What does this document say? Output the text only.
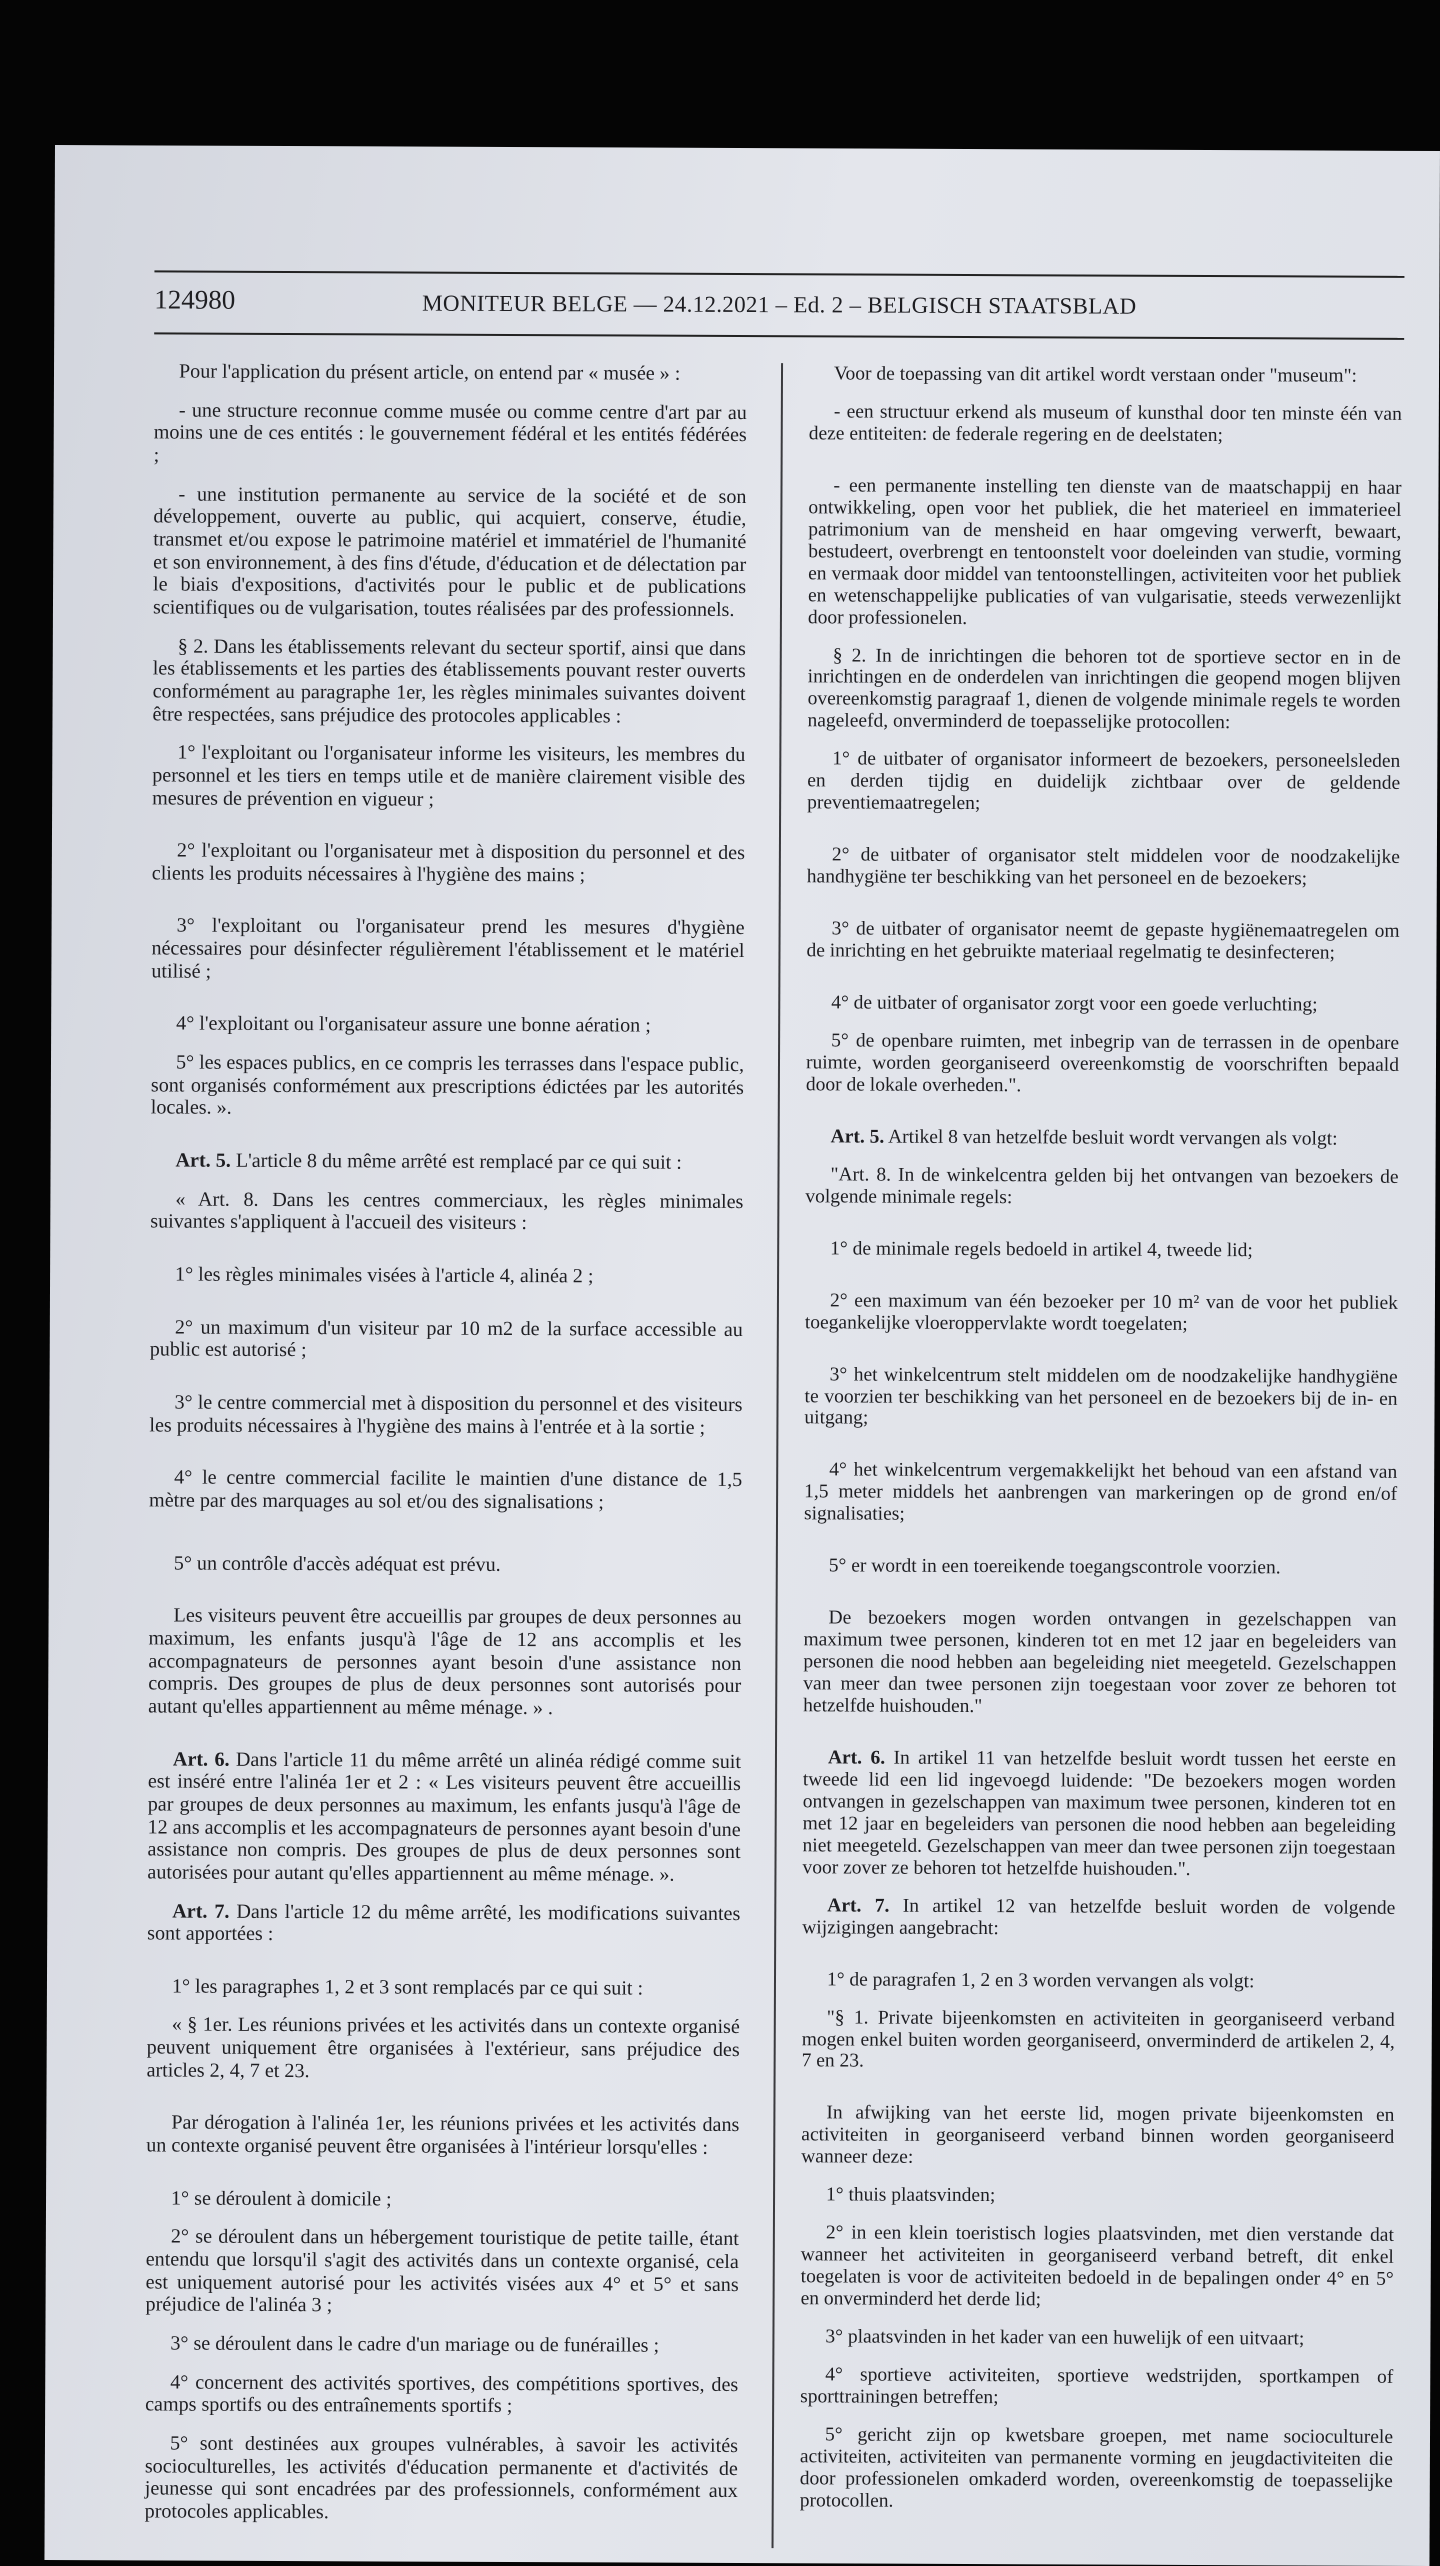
124980	MONITEUR BELGE — 24.12.2021 – Ed. 2 – BELGISCH STAATSBLAD

Pour l'application du présent article, on entend par « musée » :

- une structure reconnue comme musée ou comme centre d'art par au moins une de ces entités : le gouvernement fédéral et les entités fédérées ;

- une institution permanente au service de la société et de son développement, ouverte au public, qui acquiert, conserve, étudie, transmet et/ou expose le patrimoine matériel et immatériel de l'humanité et son environnement, à des fins d'étude, d'éducation et de délectation par le biais d'expositions, d'activités pour le public et de publications scientifiques ou de vulgarisation, toutes réalisées par des professionnels.

§ 2. Dans les établissements relevant du secteur sportif, ainsi que dans les établissements et les parties des établissements pouvant rester ouverts conformément au paragraphe 1er, les règles minimales suivantes doivent être respectées, sans préjudice des protocoles applicables :

1° l'exploitant ou l'organisateur informe les visiteurs, les membres du personnel et les tiers en temps utile et de manière clairement visible des mesures de prévention en vigueur ;

2° l'exploitant ou l'organisateur met à disposition du personnel et des clients les produits nécessaires à l'hygiène des mains ;

3° l'exploitant ou l'organisateur prend les mesures d'hygiène nécessaires pour désinfecter régulièrement l'établissement et le matériel utilisé ;

4° l'exploitant ou l'organisateur assure une bonne aération ;

5° les espaces publics, en ce compris les terrasses dans l'espace public, sont organisés conformément aux prescriptions édictées par les autorités locales. ».

Art. 5. L'article 8 du même arrêté est remplacé par ce qui suit :

« Art. 8. Dans les centres commerciaux, les règles minimales suivantes s'appliquent à l'accueil des visiteurs :

1° les règles minimales visées à l'article 4, alinéa 2 ;

2° un maximum d'un visiteur par 10 m2 de la surface accessible au public est autorisé ;

3° le centre commercial met à disposition du personnel et des visiteurs les produits nécessaires à l'hygiène des mains à l'entrée et à la sortie ;

4° le centre commercial facilite le maintien d'une distance de 1,5 mètre par des marquages au sol et/ou des signalisations ;

5° un contrôle d'accès adéquat est prévu.

Les visiteurs peuvent être accueillis par groupes de deux personnes au maximum, les enfants jusqu'à l'âge de 12 ans accomplis et les accompagnateurs de personnes ayant besoin d'une assistance non compris. Des groupes de plus de deux personnes sont autorisés pour autant qu'elles appartiennent au même ménage. » .

Art. 6. Dans l'article 11 du même arrêté un alinéa rédigé comme suit est inséré entre l'alinéa 1er et 2 : « Les visiteurs peuvent être accueillis par groupes de deux personnes au maximum, les enfants jusqu'à l'âge de 12 ans accomplis et les accompagnateurs de personnes ayant besoin d'une assistance non compris. Des groupes de plus de deux personnes sont autorisées pour autant qu'elles appartiennent au même ménage. ».

Art. 7. Dans l'article 12 du même arrêté, les modifications suivantes sont apportées :

1° les paragraphes 1, 2 et 3 sont remplacés par ce qui suit :

« § 1er. Les réunions privées et les activités dans un contexte organisé peuvent uniquement être organisées à l'extérieur, sans préjudice des articles 2, 4, 7 et 23.

Par dérogation à l'alinéa 1er, les réunions privées et les activités dans un contexte organisé peuvent être organisées à l'intérieur lorsqu'elles :

1° se déroulent à domicile ;

2° se déroulent dans un hébergement touristique de petite taille, étant entendu que lorsqu'il s'agit des activités dans un contexte organisé, cela est uniquement autorisé pour les activités visées aux 4° et 5° et sans préjudice de l'alinéa 3 ;

3° se déroulent dans le cadre d'un mariage ou de funérailles ;

4° concernent des activités sportives, des compétitions sportives, des camps sportifs ou des entraînements sportifs ;

5° sont destinées aux groupes vulnérables, à savoir les activités socioculturelles, les activités d'éducation permanente et d'activités de jeunesse qui sont encadrées par des professionnels, conformément aux protocoles applicables.

Voor de toepassing van dit artikel wordt verstaan onder "museum":

- een structuur erkend als museum of kunsthal door ten minste één van deze entiteiten: de federale regering en de deelstaten;

- een permanente instelling ten dienste van de maatschappij en haar ontwikkeling, open voor het publiek, die het materieel en immaterieel patrimonium van de mensheid en haar omgeving verwerft, bewaart, bestudeert, overbrengt en tentoonstelt voor doeleinden van studie, vorming en vermaak door middel van tentoonstellingen, activiteiten voor het publiek en wetenschappelijke publicaties of van vulgarisatie, steeds verwezenlijkt door professionelen.

§ 2. In de inrichtingen die behoren tot de sportieve sector en in de inrichtingen en de onderdelen van inrichtingen die geopend mogen blijven overeenkomstig paragraaf 1, dienen de volgende minimale regels te worden nageleefd, onverminderd de toepasselijke protocollen:

1° de uitbater of organisator informeert de bezoekers, personeelsleden en derden tijdig en duidelijk zichtbaar over de geldende preventiemaatregelen;

2° de uitbater of organisator stelt middelen voor de noodzakelijke handhygiëne ter beschikking van het personeel en de bezoekers;

3° de uitbater of organisator neemt de gepaste hygiënemaatregelen om de inrichting en het gebruikte materiaal regelmatig te desinfecteren;

4° de uitbater of organisator zorgt voor een goede verluchting;

5° de openbare ruimten, met inbegrip van de terrassen in de openbare ruimte, worden georganiseerd overeenkomstig de voorschriften bepaald door de lokale overheden.".

Art. 5. Artikel 8 van hetzelfde besluit wordt vervangen als volgt:

"Art. 8. In de winkelcentra gelden bij het ontvangen van bezoekers de volgende minimale regels:

1° de minimale regels bedoeld in artikel 4, tweede lid;

2° een maximum van één bezoeker per 10 m² van de voor het publiek toegankelijke vloeroppervlakte wordt toegelaten;

3° het winkelcentrum stelt middelen om de noodzakelijke handhygiëne te voorzien ter beschikking van het personeel en de bezoekers bij de in- en uitgang;

4° het winkelcentrum vergemakkelijkt het behoud van een afstand van 1,5 meter middels het aanbrengen van markeringen op de grond en/of signalisaties;

5° er wordt in een toereikende toegangscontrole voorzien.

De bezoekers mogen worden ontvangen in gezelschappen van maximum twee personen, kinderen tot en met 12 jaar en begeleiders van personen die nood hebben aan begeleiding niet meegeteld. Gezelschappen van meer dan twee personen zijn toegestaan voor zover ze behoren tot hetzelfde huishouden."

Art. 6. In artikel 11 van hetzelfde besluit wordt tussen het eerste en tweede lid een lid ingevoegd luidende: "De bezoekers mogen worden ontvangen in gezelschappen van maximum twee personen, kinderen tot en met 12 jaar en begeleiders van personen die nood hebben aan begeleiding niet meegeteld. Gezelschappen van meer dan twee personen zijn toegestaan voor zover ze behoren tot hetzelfde huishouden.".

Art. 7. In artikel 12 van hetzelfde besluit worden de volgende wijzigingen aangebracht:

1° de paragrafen 1, 2 en 3 worden vervangen als volgt:

"§ 1. Private bijeenkomsten en activiteiten in georganiseerd verband mogen enkel buiten worden georganiseerd, onverminderd de artikelen 2, 4, 7 en 23.

In afwijking van het eerste lid, mogen private bijeenkomsten en activiteiten in georganiseerd verband binnen worden georganiseerd wanneer deze:

1° thuis plaatsvinden;

2° in een klein toeristisch logies plaatsvinden, met dien verstande dat wanneer het activiteiten in georganiseerd verband betreft, dit enkel toegelaten is voor de activiteiten bedoeld in de bepalingen onder 4° en 5° en onverminderd het derde lid;

3° plaatsvinden in het kader van een huwelijk of een uitvaart;

4° sportieve activiteiten, sportieve wedstrijden, sportkampen of sporttrainingen betreffen;

5° gericht zijn op kwetsbare groepen, met name socioculturele activiteiten, activiteiten van permanente vorming en jeugdactiviteiten die door professionelen omkaderd worden, overeenkomstig de toepasselijke protocollen.
